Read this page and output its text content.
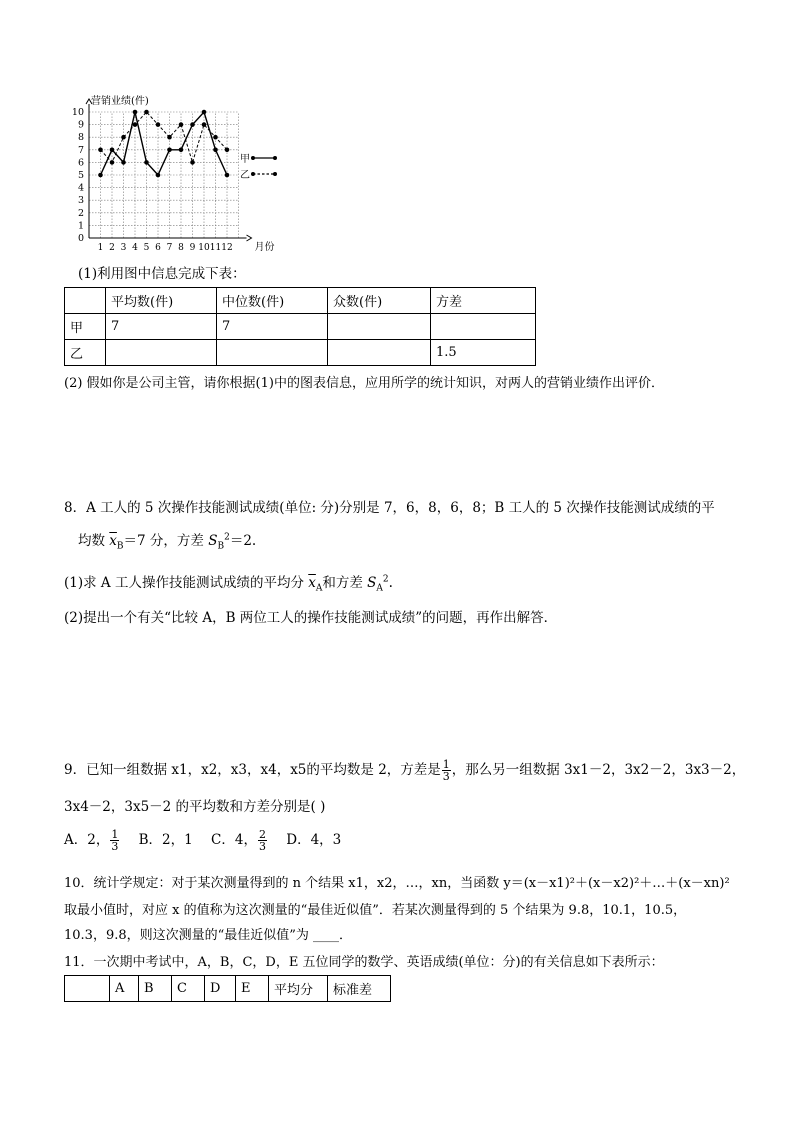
0
1
2
3
4
5
6
7
8
9
10
1 2 3 4 5 6 7 8 9 10 11 12
营销业绩(件)
月份
甲
乙
(1)利用图中信息完成下表：
	平均数(件)	中位数(件)	众数(件)	方差
甲	7	7		
乙				1.5
(2) 假如你是公司主管，请你根据(1)中的图表信息，应用所学的统计知识，对两人的营销业绩作出评价．
8．A 工人的 5 次操作技能测试成绩(单位: 分)分别是 7，6，8，6，8；B 工人的 5 次操作技能测试成绩的平
均数 $\overline{x}_B=7$ 分，方差 $S_B^2=2$.
(1)求 A 工人操作技能测试成绩的平均分 $\overline{x}_A$和方差 $S_A^2$.
(2)提出一个有关“比较 A，B 两位工人的操作技能测试成绩”的问题，再作出解答．
9．已知一组数据 x1，x2，x3，x4，x5的平均数是 2，方差是 $\frac{1}{3}$ ，那么另一组数据 3x1－2，3x2－2，3x3－2，
3x4－2，3x5－2 的平均数和方差分别是( )
A．2， $\frac{1}{3}$ B．2，1 C．4， $\frac{2}{3}$ D．4，3
10．统计学规定：对于某次测量得到的 n 个结果 x1，x2，…，xn，当函数 y＝(x－x1)²＋(x－x2)²＋…＋(x－xn)²
取最小值时，对应 x 的值称为这次测量的“最佳近似值”．若某次测量得到的 5 个结果为 9.8，10.1，10.5，
10.3，9.8，则这次测量的“最佳近似值”为 ____．
11．一次期中考试中，A，B，C，D，E 五位同学的数学、英语成绩(单位：分)的有关信息如下表所示：
	A	B	C	D	E	平均分	标准差
